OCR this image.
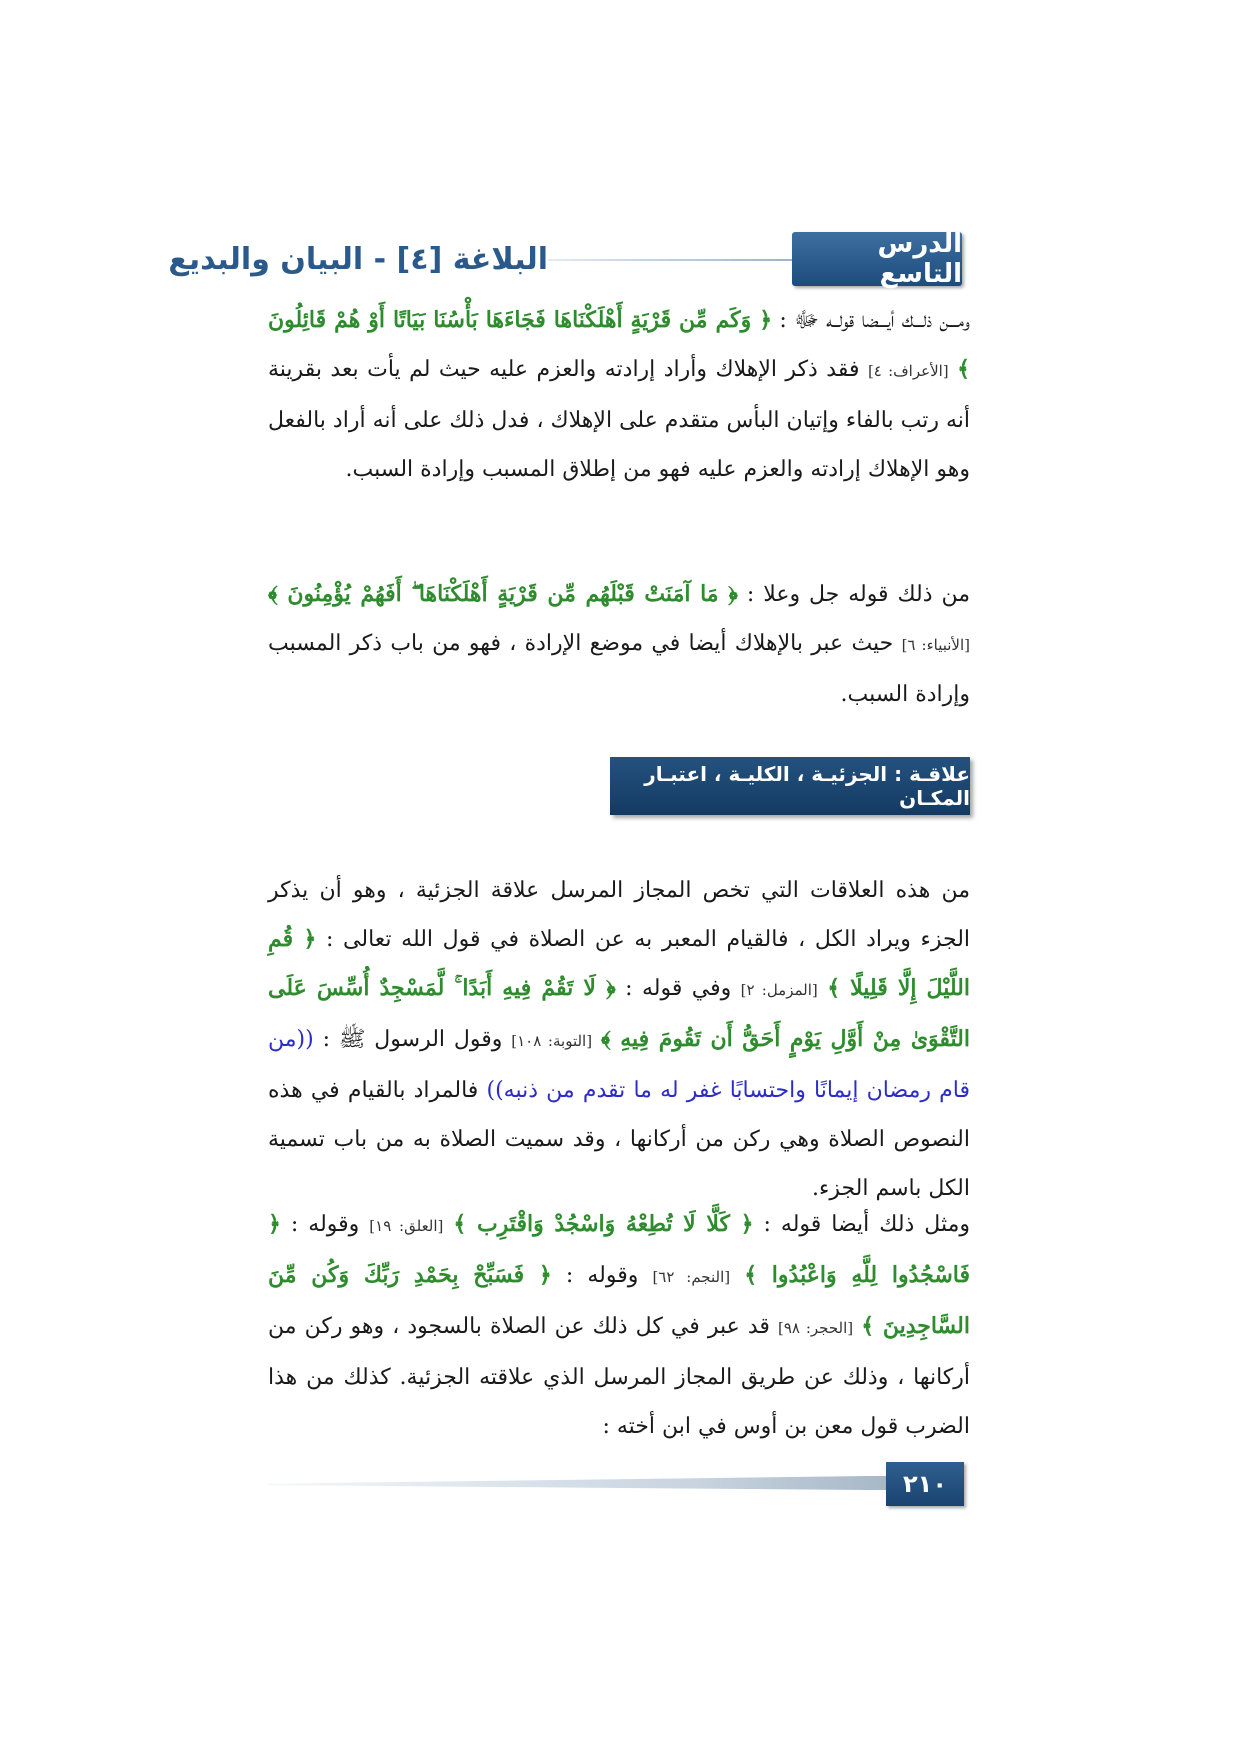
الدرس التاسع
البلاغة [٤] - البيان والبديع

ومـــن ذلـــك أيـــضا قولــه ﷻ : ﴿ وَكَم مِّن قَرْيَةٍ أَهْلَكْنَاهَا فَجَاءَهَا بَأْسُنَا بَيَاتًا أَوْ هُمْ قَائِلُونَ ﴾ [الأعراف: ٤] فقد ذكر الإهلاك وأراد إرادته والعزم عليه حيث لم يأت بعد بقرينة أنه رتب بالفاء وإتيان البأس متقدم على الإهلاك ، فدل ذلك على أنه أراد بالفعل وهو الإهلاك إرادته والعزم عليه فهو من إطلاق المسبب وإرادة السبب.

من ذلك قوله جل وعلا : ﴿ مَا آمَنَتْ قَبْلَهُم مِّن قَرْيَةٍ أَهْلَكْنَاهَا ۖ أَفَهُمْ يُؤْمِنُونَ ﴾ [الأنبياء: ٦] حيث عبر بالإهلاك أيضا في موضع الإرادة ، فهو من باب ذكر المسبب وإرادة السبب.

علاقـة : الجزئيـة ، الكليـة ، اعتبـار المكـان

من هذه العلاقات التي تخص المجاز المرسل علاقة الجزئية ، وهو أن يذكر الجزء ويراد الكل ، فالقيام المعبر به عن الصلاة في قول الله تعالى : ﴿ قُمِ اللَّيْلَ إِلَّا قَلِيلًا ﴾ [المزمل: ٢] وفي قوله : ﴿ لَا تَقُمْ فِيهِ أَبَدًا ۚ لَّمَسْجِدٌ أُسِّسَ عَلَى التَّقْوَىٰ مِنْ أَوَّلِ يَوْمٍ أَحَقُّ أَن تَقُومَ فِيهِ ﴾ [التوبة: ١٠٨] وقول الرسول ﷺ : ((من قام رمضان إيمانًا واحتسابًا غفر له ما تقدم من ذنبه)) فالمراد بالقيام في هذه النصوص الصلاة وهي ركن من أركانها ، وقد سميت الصلاة به من باب تسمية الكل باسم الجزء.

ومثل ذلك أيضا قوله : ﴿ كَلَّا لَا تُطِعْهُ وَاسْجُدْ وَاقْتَرِب ﴾ [العلق: ١٩] وقوله : ﴿ فَاسْجُدُوا لِلَّهِ وَاعْبُدُوا ﴾ [النجم: ٦٢] وقوله : ﴿ فَسَبِّحْ بِحَمْدِ رَبِّكَ وَكُن مِّنَ السَّاجِدِينَ ﴾ [الحجر: ٩٨] قد عبر في كل ذلك عن الصلاة بالسجود ، وهو ركن من أركانها ، وذلك عن طريق المجاز المرسل الذي علاقته الجزئية. كذلك من هذا الضرب قول معن بن أوس في ابن أخته :

٢١٠
